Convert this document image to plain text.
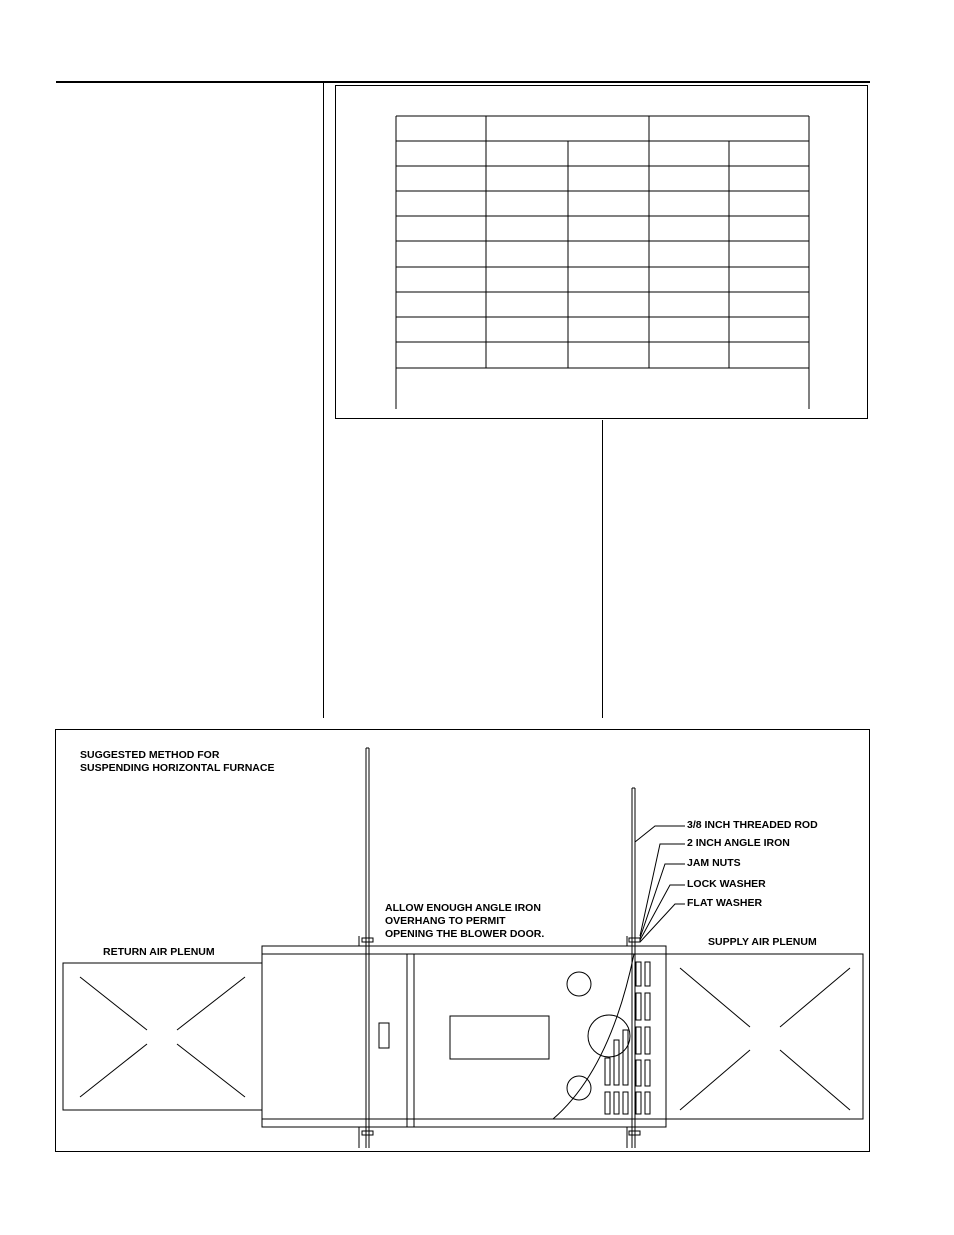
SUGGESTED METHOD FOR
SUSPENDING HORIZONTAL FURNACE
ALLOW ENOUGH ANGLE IRON
OVERHANG TO PERMIT
OPENING THE BLOWER DOOR.
RETURN AIR PLENUM
SUPPLY AIR PLENUM
3/8 INCH THREADED ROD
2 INCH ANGLE IRON
JAM NUTS
LOCK WASHER
FLAT WASHER
